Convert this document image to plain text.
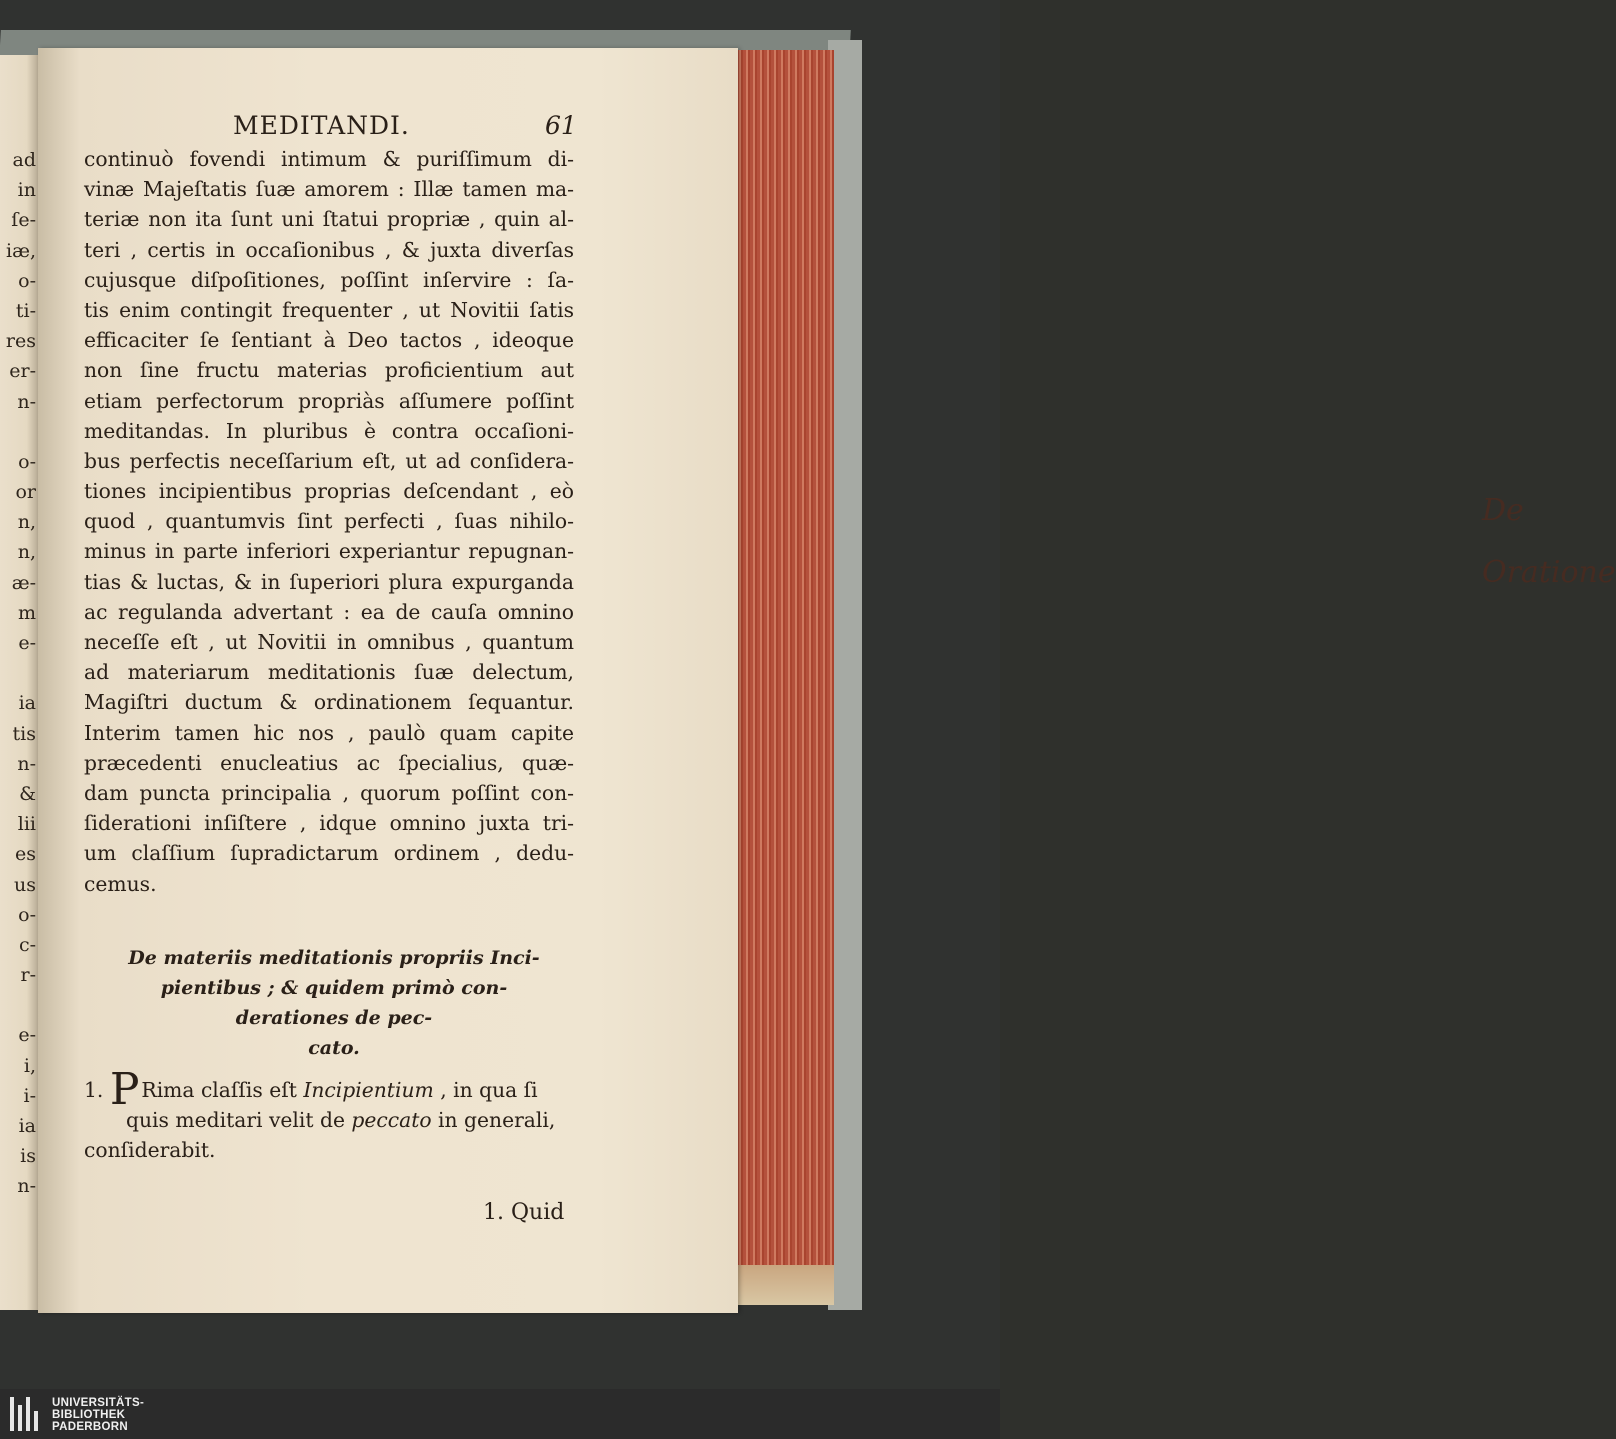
De
Oratione
ad
in
ſe-
iæ,
o-
ti-
res
er-
n-
o-
or
n,
n,
æ-
m
e-
ia
tis
n-
&
lii
es
us
o-
c-
r-
e-
i,
i-
ia
is
n-
MEDITANDI.	61
continuò fovendi intimum & puriſſimum di-
vinæ Majeſtatis ſuæ amorem : Illæ tamen ma-
teriæ non ita ſunt uni ſtatui propriæ , quin al-
teri , certis in occaſionibus , & juxta diverſas
cujusque diſpoſitiones, poſſint inſervire : ſa-
tis enim contingit frequenter , ut Novitii ſatis
efficaciter ſe ſentiant à Deo tactos , ideoque
non ſine fructu materias proficientium aut
etiam perfectorum propriàs aſſumere poſſint
meditandas. In pluribus è contra occaſioni-
bus perfectis neceſſarium eſt, ut ad conſidera-
tiones incipientibus proprias deſcendant , eò
quod , quantumvis ſint perfecti , ſuas nihilo-
minus in parte inferiori experiantur repugnan-
tias & luctas, & in ſuperiori plura expurganda
ac regulanda advertant : ea de cauſa omnino
neceſſe eſt , ut Novitii in omnibus , quantum
ad materiarum meditationis ſuæ delectum,
Magiſtri ductum & ordinationem ſequantur.
Interim tamen hic nos , paulò quam capite
præcedenti enucleatius ac ſpecialius, quæ-
dam puncta principalia , quorum poſſint con-
ſiderationi inſiſtere , idque omnino juxta tri-
um claſſium ſupradictarum ordinem , dedu-
cemus.
De materiis meditationis propriis Inci-
pientibus ; & quidem primò con-
derationes de pec-
cato.
1. PRima claſſis eſt Incipientium , in qua ſi
quis meditari velit de peccato in generali,
conſiderabit.
1. Quid
UNIVERSITÄTS-
BIBLIOTHEK
PADERBORN
